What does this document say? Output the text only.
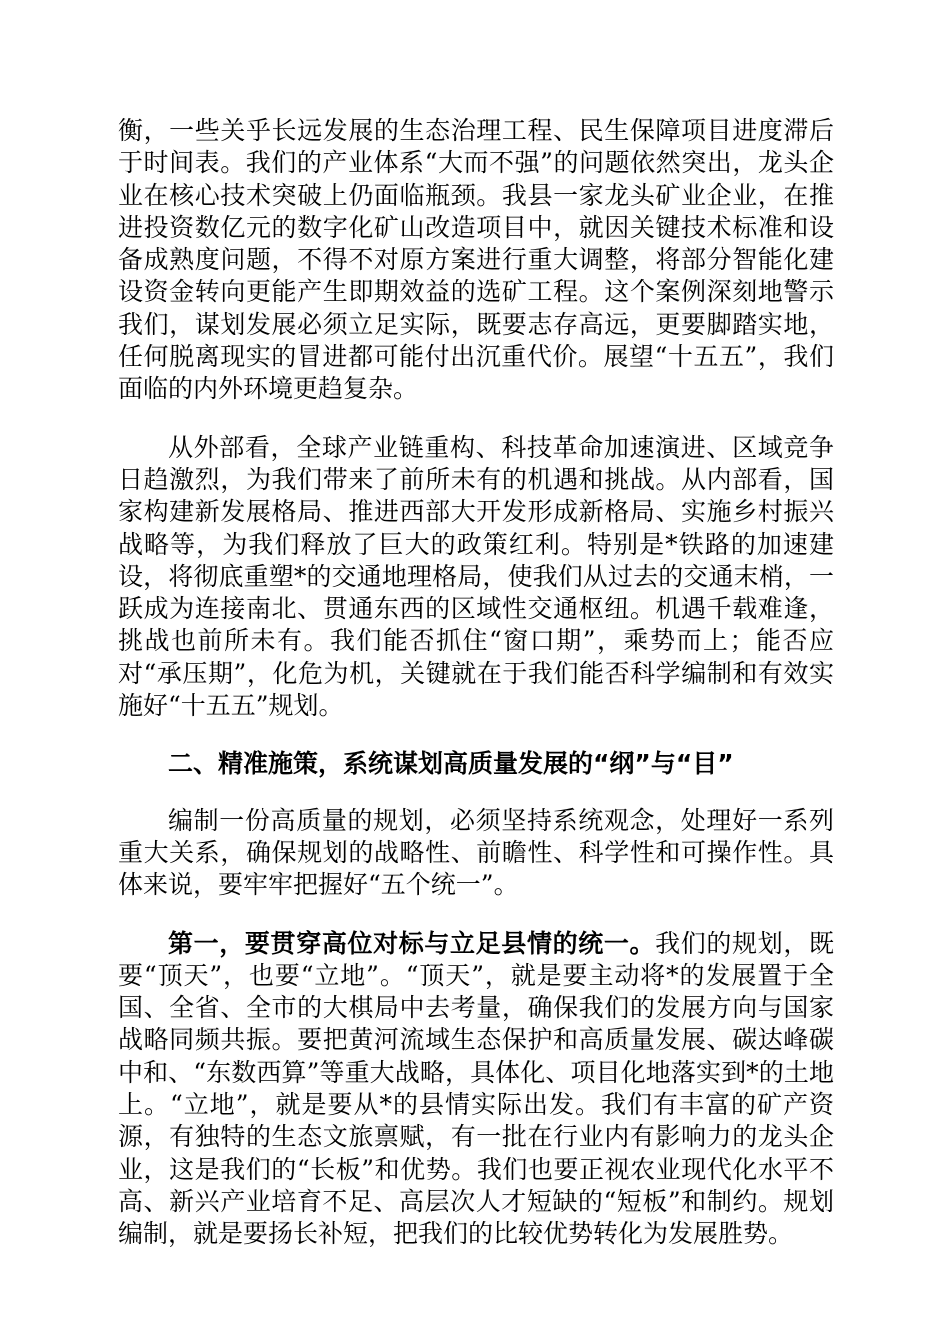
衡，一些关乎长远发展的生态治理工程、民生保障项目进度滞后于时间表。我们的产业体系“大而不强”的问题依然突出，龙头企业在核心技术突破上仍面临瓶颈。我县一家龙头矿业企业，在推进投资数亿元的数字化矿山改造项目中，就因关键技术标准和设备成熟度问题，不得不对原方案进行重大调整，将部分智能化建设资金转向更能产生即期效益的选矿工程。这个案例深刻地警示我们，谋划发展必须立足实际，既要志存高远，更要脚踏实地，任何脱离现实的冒进都可能付出沉重代价。展望“十五五”，我们面临的内外环境更趋复杂。

从外部看，全球产业链重构、科技革命加速演进、区域竞争日趋激烈，为我们带来了前所未有的机遇和挑战。从内部看，国家构建新发展格局、推进西部大开发形成新格局、实施乡村振兴战略等，为我们释放了巨大的政策红利。特别是*铁路的加速建设，将彻底重塑*的交通地理格局，使我们从过去的交通末梢，一跃成为连接南北、贯通东西的区域性交通枢纽。机遇千载难逢，挑战也前所未有。我们能否抓住“窗口期”，乘势而上；能否应对“承压期”，化危为机，关键就在于我们能否科学编制和有效实施好“十五五”规划。

二、精准施策，系统谋划高质量发展的“纲”与“目”

编制一份高质量的规划，必须坚持系统观念，处理好一系列重大关系，确保规划的战略性、前瞻性、科学性和可操作性。具体来说，要牢牢把握好“五个统一”。

第一，要贯穿高位对标与立足县情的统一。我们的规划，既要“顶天”，也要“立地”。“顶天”，就是要主动将*的发展置于全国、全省、全市的大棋局中去考量，确保我们的发展方向与国家战略同频共振。要把黄河流域生态保护和高质量发展、碳达峰碳中和、“东数西算”等重大战略，具体化、项目化地落实到*的土地上。“立地”，就是要从*的县情实际出发。我们有丰富的矿产资源，有独特的生态文旅禀赋，有一批在行业内有影响力的龙头企业，这是我们的“长板”和优势。我们也要正视农业现代化水平不高、新兴产业培育不足、高层次人才短缺的“短板”和制约。规划编制，就是要扬长补短，把我们的比较优势转化为发展胜势。
